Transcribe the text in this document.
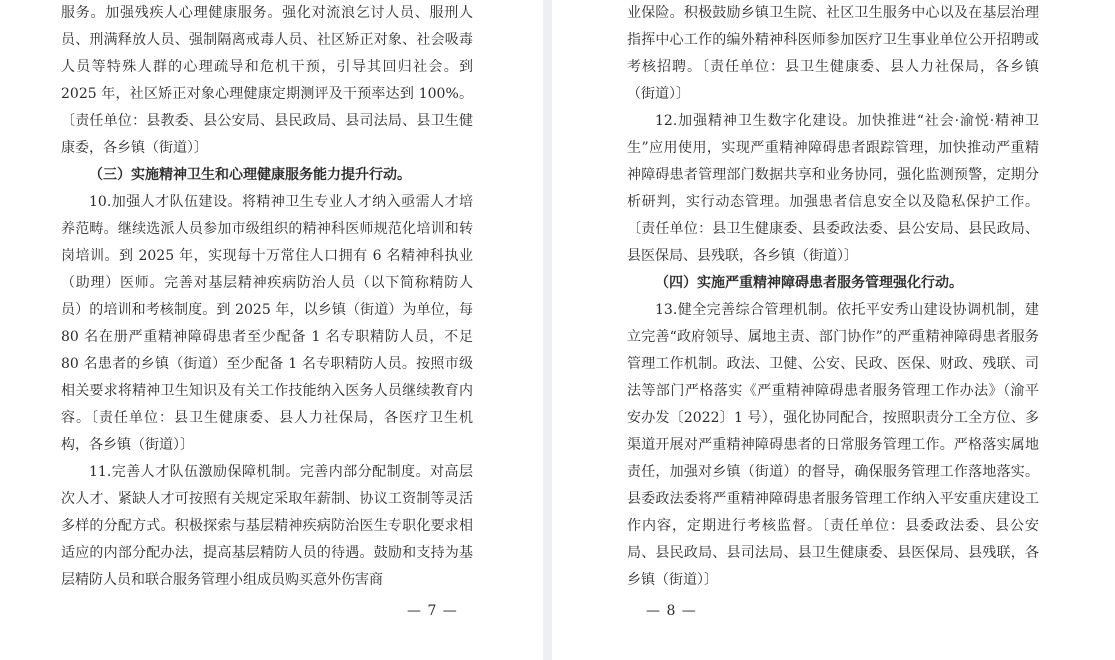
服务。加强残疾人心理健康服务。强化对流浪乞讨人员、服刑人员、刑满释放人员、强制隔离戒毒人员、社区矫正对象、社会吸毒人员等特殊人群的心理疏导和危机干预，引导其回归社会。到2025 年，社区矫正对象心理健康定期测评及干预率达到 100%。〔责任单位：县教委、县公安局、县民政局、县司法局、县卫生健康委，各乡镇（街道）〕

（三）实施精神卫生和心理健康服务能力提升行动。

10.加强人才队伍建设。将精神卫生专业人才纳入亟需人才培养范畴。继续选派人员参加市级组织的精神科医师规范化培训和转岗培训。到 2025 年，实现每十万常住人口拥有 6 名精神科执业（助理）医师。完善对基层精神疾病防治人员（以下简称精防人员）的培训和考核制度。到 2025 年，以乡镇（街道）为单位，每 80 名在册严重精神障碍患者至少配备 1 名专职精防人员，不足 80 名患者的乡镇（街道）至少配备 1 名专职精防人员。按照市级相关要求将精神卫生知识及有关工作技能纳入医务人员继续教育内容。〔责任单位：县卫生健康委、县人力社保局，各医疗卫生机构，各乡镇（街道）〕

11.完善人才队伍激励保障机制。完善内部分配制度。对高层次人才、紧缺人才可按照有关规定采取年薪制、协议工资制等灵活多样的分配方式。积极探索与基层精神疾病防治医生专职化要求相适应的内部分配办法，提高基层精防人员的待遇。鼓励和支持为基层精防人员和联合服务管理小组成员购买意外伤害商

— 7 —

业保险。积极鼓励乡镇卫生院、社区卫生服务中心以及在基层治理指挥中心工作的编外精神科医师参加医疗卫生事业单位公开招聘或考核招聘。〔责任单位：县卫生健康委、县人力社保局，各乡镇（街道）〕

12.加强精神卫生数字化建设。加快推进“社会·渝悦·精神卫生”应用使用，实现严重精神障碍患者跟踪管理，加快推动严重精神障碍患者管理部门数据共享和业务协同，强化监测预警，定期分析研判，实行动态管理。加强患者信息安全以及隐私保护工作。〔责任单位：县卫生健康委、县委政法委、县公安局、县民政局、县医保局、县残联，各乡镇（街道）〕

（四）实施严重精神障碍患者服务管理强化行动。

13.健全完善综合管理机制。依托平安秀山建设协调机制，建立完善“政府领导、属地主责、部门协作”的严重精神障碍患者服务管理工作机制。政法、卫健、公安、民政、医保、财政、残联、司法等部门严格落实《严重精神障碍患者服务管理工作办法》（渝平安办发〔2022〕1 号），强化协同配合，按照职责分工全方位、多渠道开展对严重精神障碍患者的日常服务管理工作。严格落实属地责任，加强对乡镇（街道）的督导，确保服务管理工作落地落实。县委政法委将严重精神障碍患者服务管理工作纳入平安重庆建设工作内容，定期进行考核监督。〔责任单位：县委政法委、县公安局、县民政局、县司法局、县卫生健康委、县医保局、县残联，各乡镇（街道）〕

— 8 —
